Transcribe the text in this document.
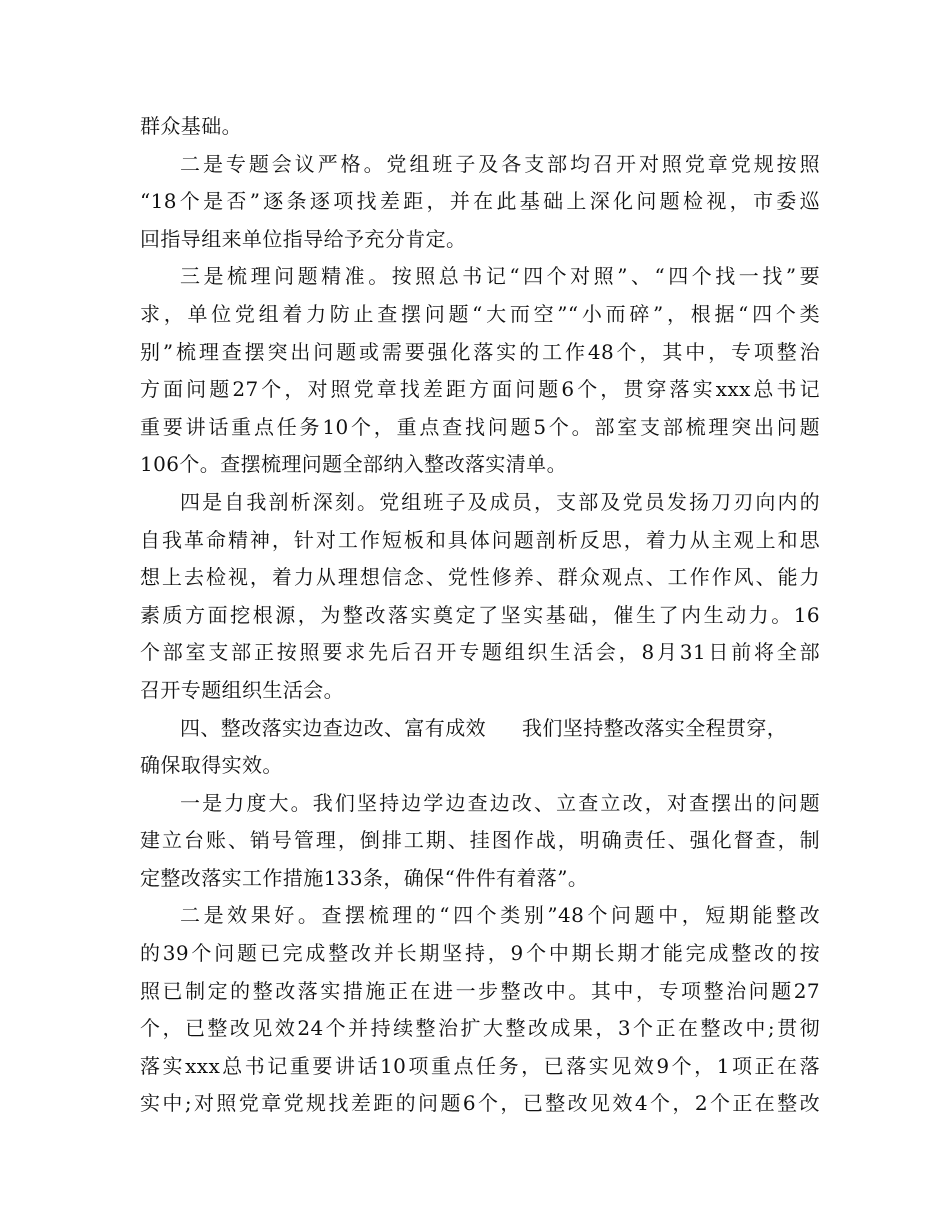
群众基础。
二是专题会议严格。党组班子及各支部均召开对照党章党规按照
“18个是否”逐条逐项找差距，并在此基础上深化问题检视，市委巡
回指导组来单位指导给予充分肯定。
三是梳理问题精准。按照总书记“四个对照”、“四个找一找”要
求，单位党组着力防止查摆问题“大而空”“小而碎”，根据“四个类
别”梳理查摆突出问题或需要强化落实的工作48个，其中，专项整治
方面问题27个，对照党章找差距方面问题6个，贯穿落实xxx总书记
重要讲话重点任务10个，重点查找问题5个。部室支部梳理突出问题
106个。查摆梳理问题全部纳入整改落实清单。
四是自我剖析深刻。党组班子及成员，支部及党员发扬刀刃向内的
自我革命精神，针对工作短板和具体问题剖析反思，着力从主观上和思
想上去检视，着力从理想信念、党性修养、群众观点、工作作风、能力
素质方面挖根源，为整改落实奠定了坚实基础，催生了内生动力。16
个部室支部正按照要求先后召开专题组织生活会，8月31日前将全部
召开专题组织生活会。
四、整改落实边查边改、富有成效 我们坚持整改落实全程贯穿，
确保取得实效。
一是力度大。我们坚持边学边查边改、立查立改，对查摆出的问题
建立台账、销号管理，倒排工期、挂图作战，明确责任、强化督查，制
定整改落实工作措施133条，确保“件件有着落”。
二是效果好。查摆梳理的“四个类别”48个问题中，短期能整改
的39个问题已完成整改并长期坚持，9个中期长期才能完成整改的按
照已制定的整改落实措施正在进一步整改中。其中，专项整治问题27
个，已整改见效24个并持续整治扩大整改成果，3个正在整改中;贯彻
落实xxx总书记重要讲话10项重点任务，已落实见效9个，1项正在落
实中;对照党章党规找差距的问题6个，已整改见效4个，2个正在整改
